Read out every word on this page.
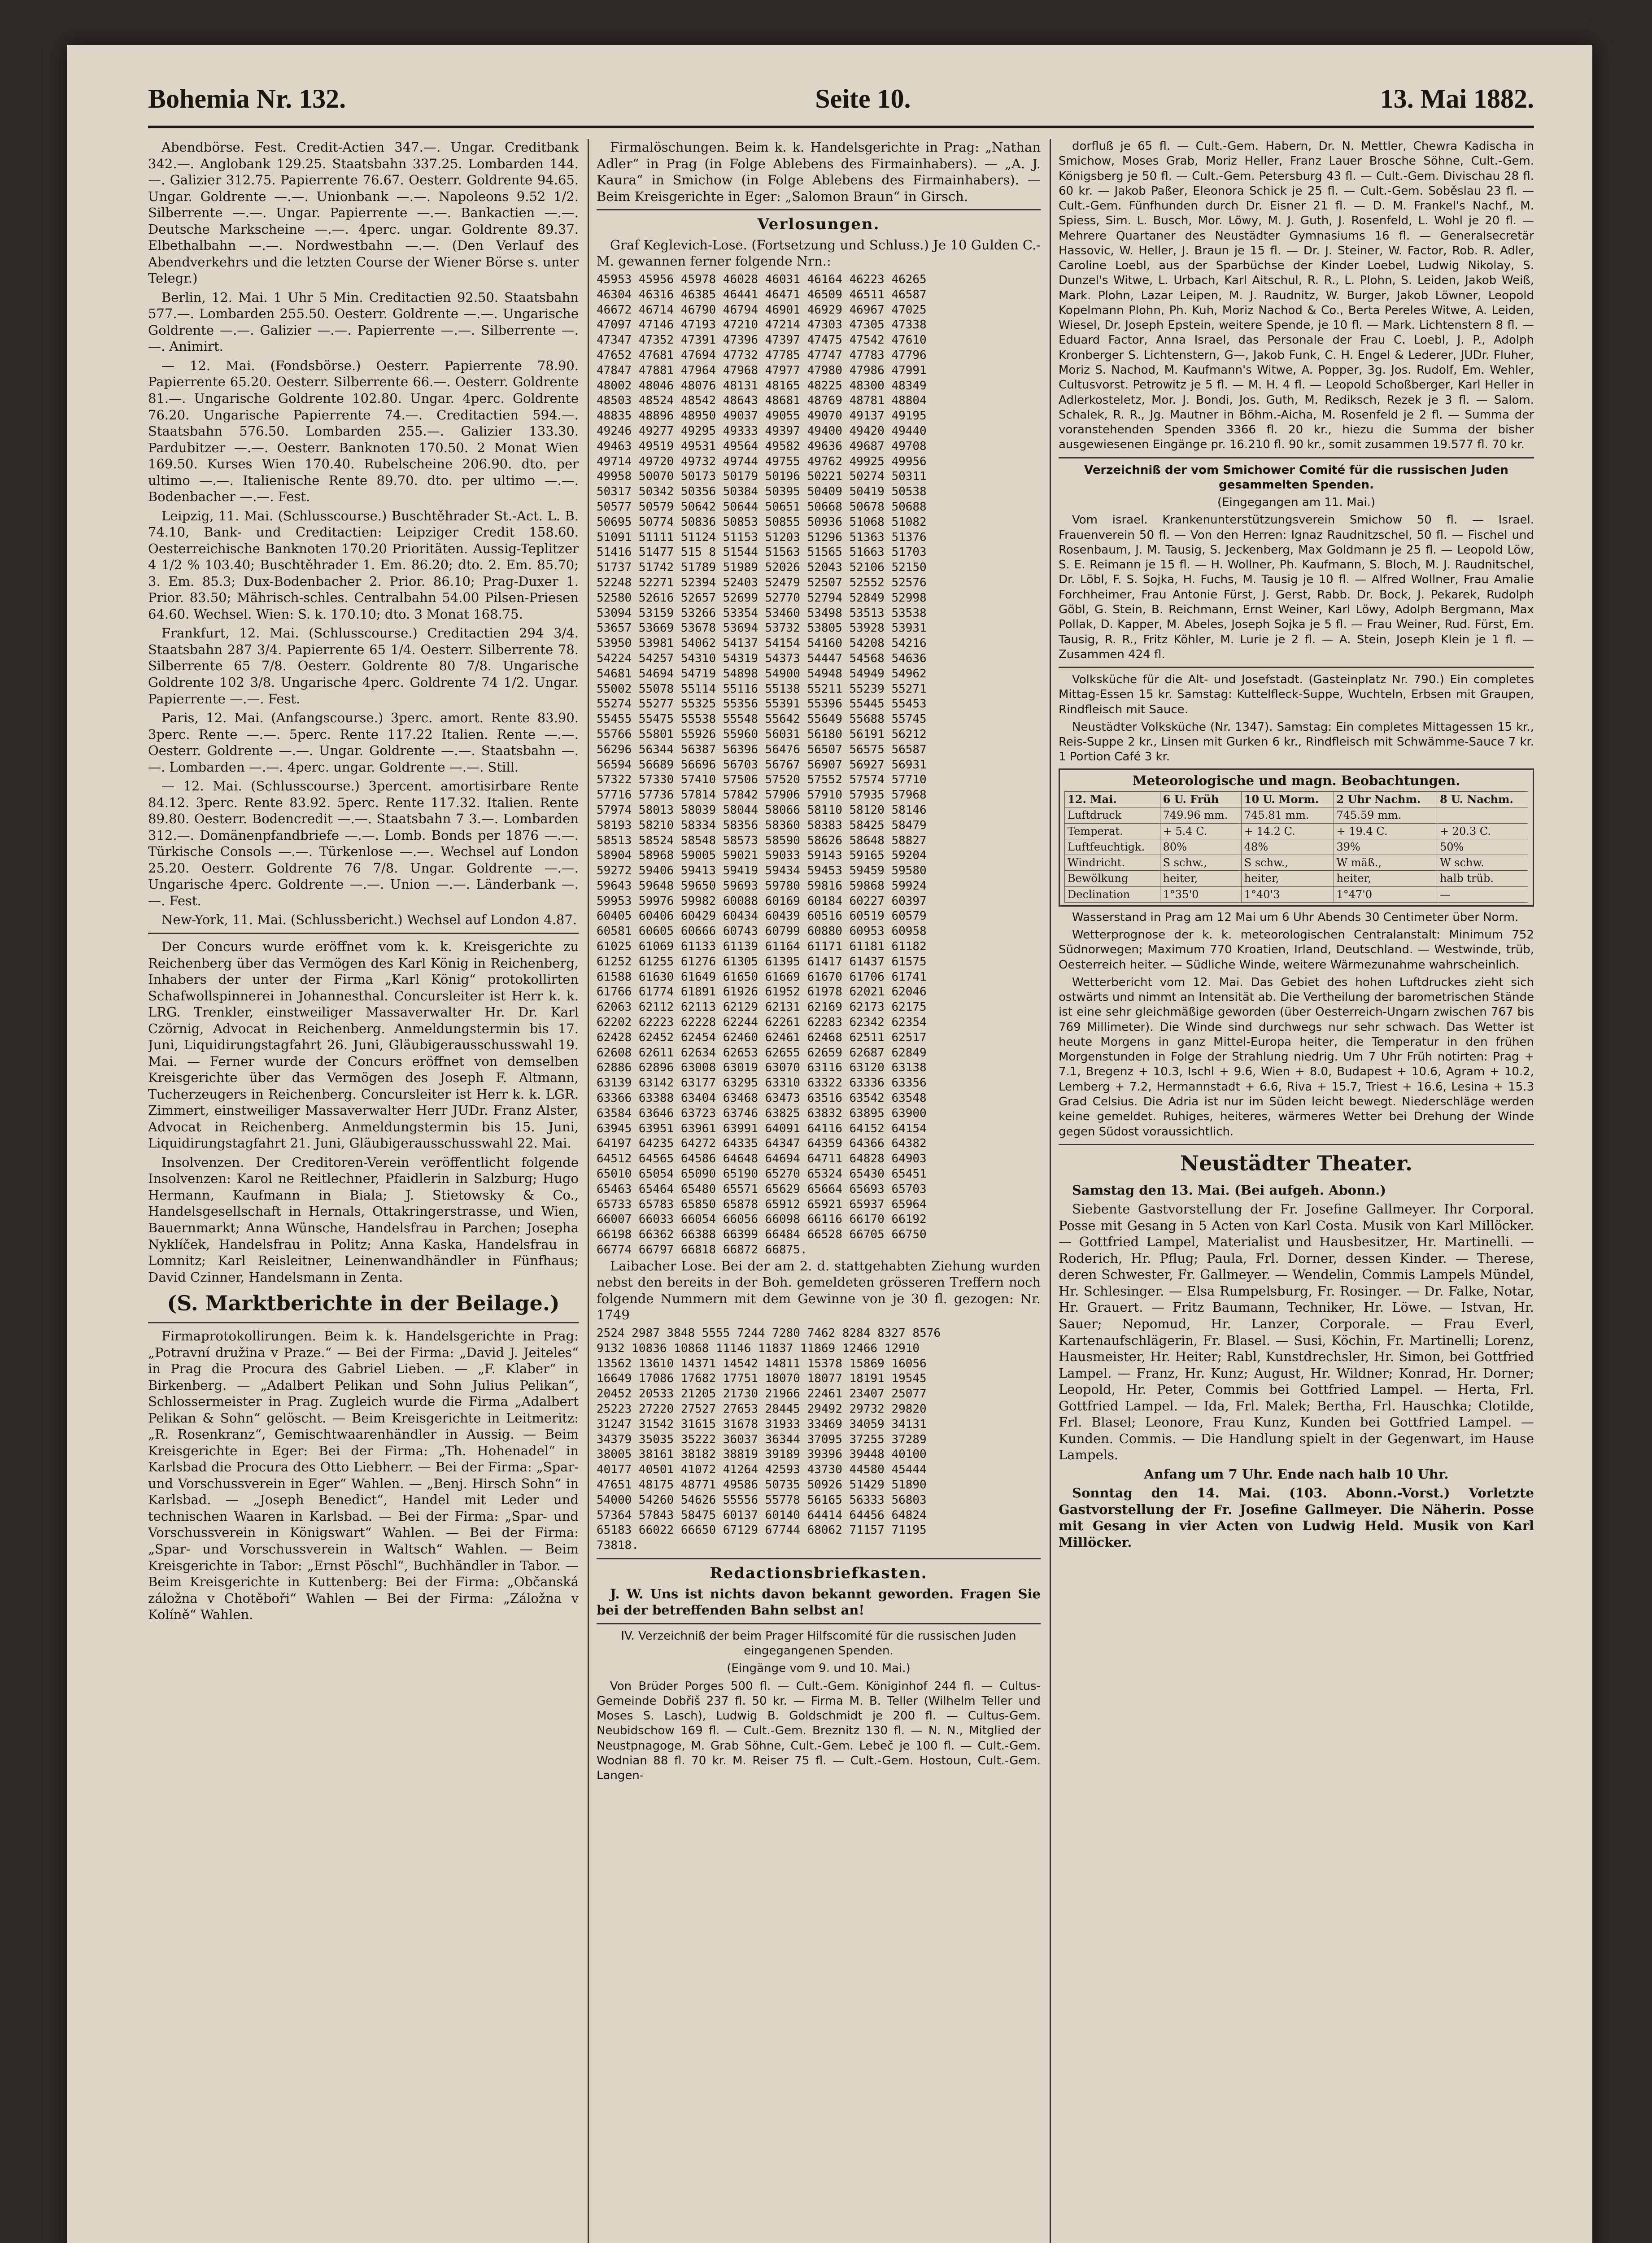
Bohemia Nr. 132.	Seite 10.	13. Mai 1882.

Abendbörse. Fest. Credit-Actien 347.—. Ungar. Creditbank 342.—. Anglobank 129.25. Staatsbahn 337.25. Lombarden 144.—. Galizier 312.75. Papierrente 76.67. Oesterr. Goldrente 94.65. Ungar. Goldrente —.—. Unionbank —.—. Napoleons 9.52 1/2. Silberrente —.—. Ungar. Papierrente —.—. Bankactien —.—. Deutsche Markscheine —.—. 4perc. ungar. Goldrente 89.37. Elbethalbahn —.—. Nordwestbahn —.—. (Den Verlauf des Abendverkehrs und die letzten Course der Wiener Börse s. unter Telegr.)

Berlin, 12. Mai. 1 Uhr 5 Min. Creditactien 92.50. Staatsbahn 577.—. Lombarden 255.50. Oesterr. Goldrente —.—. Ungarische Goldrente —.—. Galizier —.—. Papierrente —.—. Silberrente —.—. Animirt.

— 12. Mai. (Fondsbörse.) Oesterr. Papierrente 78.90. Papierrente 65.20. Oesterr. Silberrente 66.—. Oesterr. Goldrente 81.—. Ungarische Goldrente 102.80. Ungar. 4perc. Goldrente 76.20. Ungarische Papierrente 74.—. Creditactien 594.—. Staatsbahn 576.50. Lombarden 255.—. Galizier 133.30. Pardubitzer —.—. Oesterr. Banknoten 170.50. 2 Monat Wien 169.50. Kurses Wien 170.40. Rubelscheine 206.90. dto. per ultimo —.—. Italienische Rente 89.70. dto. per ultimo —.—. Bodenbacher —.—. Fest.

Leipzig, 11. Mai. (Schlusscourse.) Buschtěhrader St.-Act. L. B. 74.10, Bank- und Creditactien: Leipziger Credit 158.60. Oesterreichische Banknoten 170.20 Prioritäten. Aussig-Teplitzer 4 1/2 % 103.40; Buschtěhrader 1. Em. 86.20; dto. 2. Em. 85.70; 3. Em. 85.3; Dux-Bodenbacher 2. Prior. 86.10; Prag-Duxer 1. Prior. 83.50; Mährisch-schles. Centralbahn 54.00 Pilsen-Priesen 64.60. Wechsel. Wien: S. k. 170.10; dto. 3 Monat 168.75.

Frankfurt, 12. Mai. (Schlusscourse.) Creditactien 294 3/4. Staatsbahn 287 3/4. Papierrente 65 1/4. Oesterr. Silberrente 78. Silberrente 65 7/8. Oesterr. Goldrente 80 7/8. Ungarische Goldrente 102 3/8. Ungarische 4perc. Goldrente 74 1/2. Ungar. Papierrente —.—. Fest.

Paris, 12. Mai. (Anfangscourse.) 3perc. amort. Rente 83.90. 3perc. Rente —.—. 5perc. Rente 117.22 Italien. Rente —.—. Oesterr. Goldrente —.—. Ungar. Goldrente —.—. Staatsbahn —.—. Lombarden —.—. 4perc. ungar. Goldrente —.—. Still.

— 12. Mai. (Schlusscourse.) 3percent. amortisirbare Rente 84.12. 3perc. Rente 83.92. 5perc. Rente 117.32. Italien. Rente 89.80. Oesterr. Bodencredit —.—. Staatsbahn 7 3.—. Lombarden 312.—. Domänenpfandbriefe —.—. Lomb. Bonds per 1876 —.—. Türkische Consols —.—. Türkenlose —.—. Wechsel auf London 25.20. Oesterr. Goldrente 76 7/8. Ungar. Goldrente —.—. Ungarische 4perc. Goldrente —.—. Union —.—. Länderbank —.—. Fest.

New-York, 11. Mai. (Schlussbericht.) Wechsel auf London 4.87.

Der Concurs wurde eröffnet vom k. k. Kreisgerichte zu Reichenberg über das Vermögen des Karl König in Reichenberg, Inhabers der unter der Firma „Karl König“ protokollirten Schafwollspinnerei in Johannesthal. Concursleiter ist Herr k. k. LRG. Trenkler, einstweiliger Massaverwalter Hr. Dr. Karl Czörnig, Advocat in Reichenberg. Anmeldungstermin bis 17. Juni, Liquidirungstagfahrt 26. Juni, Gläubigerausschusswahl 19. Mai. — Ferner wurde der Concurs eröffnet von demselben Kreisgerichte über das Vermögen des Joseph F. Altmann, Tucherzeugers in Reichenberg. Concursleiter ist Herr k. k. LGR. Zimmert, einstweiliger Massaverwalter Herr JUDr. Franz Alster, Advocat in Reichenberg. Anmeldungstermin bis 15. Juni, Liquidirungstagfahrt 21. Juni, Gläubigerausschusswahl 22. Mai.

Insolvenzen. Der Creditoren-Verein veröffentlicht folgende Insolvenzen: Karol ne Reitlechner, Pfaidlerin in Salzburg; Hugo Hermann, Kaufmann in Biala; J. Stietowsky & Co., Handelsgesellschaft in Hernals, Ottakringerstrasse, und Wien, Bauernmarkt; Anna Wünsche, Handelsfrau in Parchen; Josepha Nyklíček, Handelsfrau in Politz; Anna Kaska, Handelsfrau in Lomnitz; Karl Reisleitner, Leinenwandhändler in Fünfhaus; David Czinner, Handelsmann in Zenta.

(S. Marktberichte in der Beilage.)

Firmaprotokollirungen. Beim k. k. Handelsgerichte in Prag: „Potravní družina v Praze.“ — Bei der Firma: „David J. Jeiteles“ in Prag die Procura des Gabriel Lieben. — „F. Klaber“ in Birkenberg. — „Adalbert Pelikan und Sohn Julius Pelikan“, Schlossermeister in Prag. Zugleich wurde die Firma „Adalbert Pelikan & Sohn“ gelöscht. — Beim Kreisgerichte in Leitmeritz: „R. Rosenkranz“, Gemischtwaarenhändler in Aussig. — Beim Kreisgerichte in Eger: Bei der Firma: „Th. Hohenadel“ in Karlsbad die Procura des Otto Liebherr. — Bei der Firma: „Spar- und Vorschussverein in Eger“ Wahlen. — „Benj. Hirsch Sohn“ in Karlsbad. — „Joseph Benedict“, Handel mit Leder und technischen Waaren in Karlsbad. — Bei der Firma: „Spar- und Vorschussverein in Königswart“ Wahlen. — Bei der Firma: „Spar- und Vorschussverein in Waltsch“ Wahlen. — Beim Kreisgerichte in Tabor: „Ernst Pöschl“, Buchhändler in Tabor. — Beim Kreisgerichte in Kuttenberg: Bei der Firma: „Občanská záložna v Chotěboři“ Wahlen — Bei der Firma: „Záložna v Kolíně“ Wahlen.

Firmalöschungen. Beim k. k. Handelsgerichte in Prag: „Nathan Adler“ in Prag (in Folge Ablebens des Firmainhabers). — „A. J. Kaura“ in Smichow (in Folge Ablebens des Firmainhabers). — Beim Kreisgerichte in Eger: „Salomon Braun“ in Girsch.

Verlosungen.

Graf Keglevich-Lose. (Fortsetzung und Schluss.) Je 10 Gulden C.-M. gewannen ferner folgende Nrn.:

45953 45956 45978 46028 46031 46164 46223 46265
46304 46316 46385 46441 46471 46509 46511 46587
46672 46714 46790 46794 46901 46929 46967 47025
47097 47146 47193 47210 47214 47303 47305 47338
47347 47352 47391 47396 47397 47475 47542 47610
47652 47681 47694 47732 47785 47747 47783 47796
47847 47881 47964 47968 47977 47980 47986 47991
48002 48046 48076 48131 48165 48225 48300 48349
48503 48524 48542 48643 48681 48769 48781 48804
48835 48896 48950 49037 49055 49070 49137 49195
49246 49277 49295 49333 49397 49400 49420 49440
49463 49519 49531 49564 49582 49636 49687 49708
49714 49720 49732 49744 49755 49762 49925 49956
49958 50070 50173 50179 50196 50221 50274 50311
50317 50342 50356 50384 50395 50409 50419 50538
50577 50579 50642 50644 50651 50668 50678 50688
50695 50774 50836 50853 50855 50936 51068 51082
51091 51111 51124 51153 51203 51296 51363 51376
51416 51477 515 8 51544 51563 51565 51663 51703
51737 51742 51789 51989 52026 52043 52106 52150
52248 52271 52394 52403 52479 52507 52552 52576
52580 52616 52657 52699 52770 52794 52849 52998
53094 53159 53266 53354 53460 53498 53513 53538
53657 53669 53678 53694 53732 53805 53928 53931
53950 53981 54062 54137 54154 54160 54208 54216
54224 54257 54310 54319 54373 54447 54568 54636
54681 54694 54719 54898 54900 54948 54949 54962
55002 55078 55114 55116 55138 55211 55239 55271
55274 55277 55325 55356 55391 55396 55445 55453
55455 55475 55538 55548 55642 55649 55688 55745
55766 55801 55926 55960 56031 56180 56191 56212
56296 56344 56387 56396 56476 56507 56575 56587
56594 56689 56696 56703 56767 56907 56927 56931
57322 57330 57410 57506 57520 57552 57574 57710
57716 57736 57814 57842 57906 57910 57935 57968
57974 58013 58039 58044 58066 58110 58120 58146
58193 58210 58334 58356 58360 58383 58425 58479
58513 58524 58548 58573 58590 58626 58648 58827
58904 58968 59005 59021 59033 59143 59165 59204
59272 59406 59413 59419 59434 59453 59459 59580
59643 59648 59650 59693 59780 59816 59868 59924
59953 59976 59982 60088 60169 60184 60227 60397
60405 60406 60429 60434 60439 60516 60519 60579
60581 60605 60666 60743 60799 60880 60953 60958
61025 61069 61133 61139 61164 61171 61181 61182
61252 61255 61276 61305 61395 61417 61437 61575
61588 61630 61649 61650 61669 61670 61706 61741
61766 61774 61891 61926 61952 61978 62021 62046
62063 62112 62113 62129 62131 62169 62173 62175
62202 62223 62228 62244 62261 62283 62342 62354
62428 62452 62454 62460 62461 62468 62511 62517
62608 62611 62634 62653 62655 62659 62687 62849
62886 62896 63008 63019 63070 63116 63120 63138
63139 63142 63177 63295 63310 63322 63336 63356
63366 63388 63404 63468 63473 63516 63542 63548
63584 63646 63723 63746 63825 63832 63895 63900
63945 63951 63961 63991 64091 64116 64152 64154
64197 64235 64272 64335 64347 64359 64366 64382
64512 64565 64586 64648 64694 64711 64828 64903
65010 65054 65090 65190 65270 65324 65430 65451
65463 65464 65480 65571 65629 65664 65693 65703
65733 65783 65850 65878 65912 65921 65937 65964
66007 66033 66054 66056 66098 66116 66170 66192
66198 66362 66388 66399 66484 66528 66705 66750
66774 66797 66818 66872 66875.

Laibacher Lose. Bei der am 2. d. stattgehabten Ziehung wurden nebst den bereits in der Boh. gemeldeten grösseren Treffern noch folgende Nummern mit dem Gewinne von je 30 fl. gezogen: Nr. 1749

2524 2987 3848 5555 7244 7280 7462 8284 8327 8576
9132 10836 10868 11146 11837 11869 12466 12910
13562 13610 14371 14542 14811 15378 15869 16056
16649 17086 17682 17751 18070 18077 18191 19545
20452 20533 21205 21730 21966 22461 23407 25077
25223 27220 27527 27653 28445 29492 29732 29820
31247 31542 31615 31678 31933 33469 34059 34131
34379 35035 35222 36037 36344 37095 37255 37289
38005 38161 38182 38819 39189 39396 39448 40100
40177 40501 41072 41264 42593 43730 44580 45444
47651 48175 48771 49586 50735 50926 51429 51890
54000 54260 54626 55556 55778 56165 56333 56803
57364 57843 58475 60137 60140 64414 64456 64824
65183 66022 66650 67129 67744 68062 71157 71195
73818.

Redactionsbriefkasten.

J. W. Uns ist nichts davon bekannt geworden. Fragen Sie bei der betreffenden Bahn selbst an!

IV. Verzeichniß der beim Prager Hilfscomité für die russischen Juden eingegangenen Spenden.

(Eingänge vom 9. und 10. Mai.)

Von Brüder Porges 500 fl. — Cult.-Gem. Königinhof 244 fl. — Cultus-Gemeinde Dobřiš 237 fl. 50 kr. — Firma M. B. Teller (Wilhelm Teller und Moses S. Lasch), Ludwig B. Goldschmidt je 200 fl. — Cultus-Gem. Neubidschow 169 fl. — Cult.-Gem. Breznitz 130 fl. — N. N., Mitglied der Neustpnagoge, M. Grab Söhne, Cult.-Gem. Lebeč je 100 fl. — Cult.-Gem. Wodnian 88 fl. 70 kr. M. Reiser 75 fl. — Cult.-Gem. Hostoun, Cult.-Gem. Langen-

dorfluß je 65 fl. — Cult.-Gem. Habern, Dr. N. Mettler, Chewra Kadischa in Smichow, Moses Grab, Moriz Heller, Franz Lauer Brosche Söhne, Cult.-Gem. Königsberg je 50 fl. — Cult.-Gem. Petersburg 43 fl. — Cult.-Gem. Divischau 28 fl. 60 kr. — Jakob Paßer, Eleonora Schick je 25 fl. — Cult.-Gem. Soběslau 23 fl. — Cult.-Gem. Fünfhunden durch Dr. Eisner 21 fl. — D. M. Frankel's Nachf., M. Spiess, Sim. L. Busch, Mor. Löwy, M. J. Guth, J. Rosenfeld, L. Wohl je 20 fl. — Mehrere Quartaner des Neustädter Gymnasiums 16 fl. — Generalsecretär Hassovic, W. Heller, J. Braun je 15 fl. — Dr. J. Steiner, W. Factor, Rob. R. Adler, Caroline Loebl, aus der Sparbüchse der Kinder Loebel, Ludwig Nikolay, S. Dunzel's Witwe, L. Urbach, Karl Aitschul, R. R., L. Plohn, S. Leiden, Jakob Weiß, Mark. Plohn, Lazar Leipen, M. J. Raudnitz, W. Burger, Jakob Löwner, Leopold Kopelmann Plohn, Ph. Kuh, Moriz Nachod & Co., Berta Pereles Witwe, A. Leiden, Wiesel, Dr. Joseph Epstein, weitere Spende, je 10 fl. — Mark. Lichtenstern 8 fl. — Eduard Factor, Anna Israel, das Personale der Frau C. Loebl, J. P., Adolph Kronberger S. Lichtenstern, G—, Jakob Funk, C. H. Engel & Lederer, JUDr. Fluher, Moriz S. Nachod, M. Kaufmann's Witwe, A. Popper, 3g. Jos. Rudolf, Em. Wehler, Cultusvorst. Petrowitz je 5 fl. — M. H. 4 fl. — Leopold Schoßberger, Karl Heller in Adlerkosteletz, Mor. J. Bondi, Jos. Guth, M. Rediksch, Rezek je 3 fl. — Salom. Schalek, R. R., Jg. Mautner in Böhm.-Aicha, M. Rosenfeld je 2 fl. — Summa der voranstehenden Spenden 3366 fl. 20 kr., hiezu die Summa der bisher ausgewiesenen Eingänge pr. 16.210 fl. 90 kr., somit zusammen 19.577 fl. 70 kr.

Verzeichniß der vom Smichower Comité für die russischen Juden gesammelten Spenden.

(Eingegangen am 11. Mai.)

Vom israel. Krankenunterstützungsverein Smichow 50 fl. — Israel. Frauenverein 50 fl. — Von den Herren: Ignaz Raudnitzschel, 50 fl. — Fischel und Rosenbaum, J. M. Tausig, S. Jeckenberg, Max Goldmann je 25 fl. — Leopold Löw, S. E. Reimann je 15 fl. — H. Wollner, Ph. Kaufmann, S. Bloch, M. J. Raudnitschel, Dr. Löbl, F. S. Sojka, H. Fuchs, M. Tausig je 10 fl. — Alfred Wollner, Frau Amalie Forchheimer, Frau Antonie Fürst, J. Gerst, Rabb. Dr. Bock, J. Pekarek, Rudolph Göbl, G. Stein, B. Reichmann, Ernst Weiner, Karl Löwy, Adolph Bergmann, Max Pollak, D. Kapper, M. Abeles, Joseph Sojka je 5 fl. — Frau Weiner, Rud. Fürst, Em. Tausig, R. R., Fritz Köhler, M. Lurie je 2 fl. — A. Stein, Joseph Klein je 1 fl. — Zusammen 424 fl.

Volksküche für die Alt- und Josefstadt. (Gasteinplatz Nr. 790.) Ein completes Mittag-Essen 15 kr. Samstag: Kuttelfleck-Suppe, Wuchteln, Erbsen mit Graupen, Rindfleisch mit Sauce.

Neustädter Volksküche (Nr. 1347). Samstag: Ein completes Mittagessen 15 kr., Reis-Suppe 2 kr., Linsen mit Gurken 6 kr., Rindfleisch mit Schwämme-Sauce 7 kr. 1 Portion Café 3 kr.

Meteorologische und magn. Beobachtungen.

12. Mai.	6 U. Früh	10 U. Morm.	2 Uhr Nachm.	8 U. Nachm.
Luftdruck	749.96 mm.	745.81 mm.	745.59 mm.	
Temperat.	+ 5.4 C.	+ 14.2 C.	+ 19.4 C.	+ 20.3 C.
Luftfeuchtigk.	80%	48%	39%	50%
Windricht.	S schw.,	S schw.,	W mäß.,	W schw.
Bewölkung	heiter,	heiter,	heiter,	halb trüb.
Declination	1°35'0	1°40'3	1°47'0	—

Wasserstand in Prag am 12 Mai um 6 Uhr Abends 30 Centimeter über Norm.

Wetterprognose der k. k. meteorologischen Centralanstalt: Minimum 752 Südnorwegen; Maximum 770 Kroatien, Irland, Deutschland. — Westwinde, trüb, Oesterreich heiter. — Südliche Winde, weitere Wärmezunahme wahrscheinlich.

Wetterbericht vom 12. Mai. Das Gebiet des hohen Luftdruckes zieht sich ostwärts und nimmt an Intensität ab. Die Vertheilung der barometrischen Stände ist eine sehr gleichmäßige geworden (über Oesterreich-Ungarn zwischen 767 bis 769 Millimeter). Die Winde sind durchwegs nur sehr schwach. Das Wetter ist heute Morgens in ganz Mittel-Europa heiter, die Temperatur in den frühen Morgenstunden in Folge der Strahlung niedrig. Um 7 Uhr Früh notirten: Prag + 7.1, Bregenz + 10.3, Ischl + 9.6, Wien + 8.0, Budapest + 10.6, Agram + 10.2, Lemberg + 7.2, Hermannstadt + 6.6, Riva + 15.7, Triest + 16.6, Lesina + 15.3 Grad Celsius. Die Adria ist nur im Süden leicht bewegt. Niederschläge werden keine gemeldet. Ruhiges, heiteres, wärmeres Wetter bei Drehung der Winde gegen Südost voraussichtlich.

Neustädter Theater.

Samstag den 13. Mai. (Bei aufgeh. Abonn.)

Siebente Gastvorstellung der Fr. Josefine Gallmeyer. Ihr Corporal. Posse mit Gesang in 5 Acten von Karl Costa. Musik von Karl Millöcker. — Gottfried Lampel, Materialist und Hausbesitzer, Hr. Martinelli. — Roderich, Hr. Pflug; Paula, Frl. Dorner, dessen Kinder. — Therese, deren Schwester, Fr. Gallmeyer. — Wendelin, Commis Lampels Mündel, Hr. Schlesinger. — Elsa Rumpelsburg, Fr. Rosinger. — Dr. Falke, Notar, Hr. Grauert. — Fritz Baumann, Techniker, Hr. Löwe. — Istvan, Hr. Sauer; Nepomud, Hr. Lanzer, Corporale. — Frau Everl, Kartenaufschlägerin, Fr. Blasel. — Susi, Köchin, Fr. Martinelli; Lorenz, Hausmeister, Hr. Heiter; Rabl, Kunstdrechsler, Hr. Simon, bei Gottfried Lampel. — Franz, Hr. Kunz; August, Hr. Wildner; Konrad, Hr. Dorner; Leopold, Hr. Peter, Commis bei Gottfried Lampel. — Herta, Frl. Gottfried Lampel. — Ida, Frl. Malek; Bertha, Frl. Hauschka; Clotilde, Frl. Blasel; Leonore, Frau Kunz, Kunden bei Gottfried Lampel. — Kunden. Commis. — Die Handlung spielt in der Gegenwart, im Hause Lampels.

Anfang um 7 Uhr. Ende nach halb 10 Uhr.

Sonntag den 14. Mai. (103. Abonn.-Vorst.) Vorletzte Gastvorstellung der Fr. Josefine Gallmeyer. Die Näherin. Posse mit Gesang in vier Acten von Ludwig Held. Musik von Karl Millöcker.
